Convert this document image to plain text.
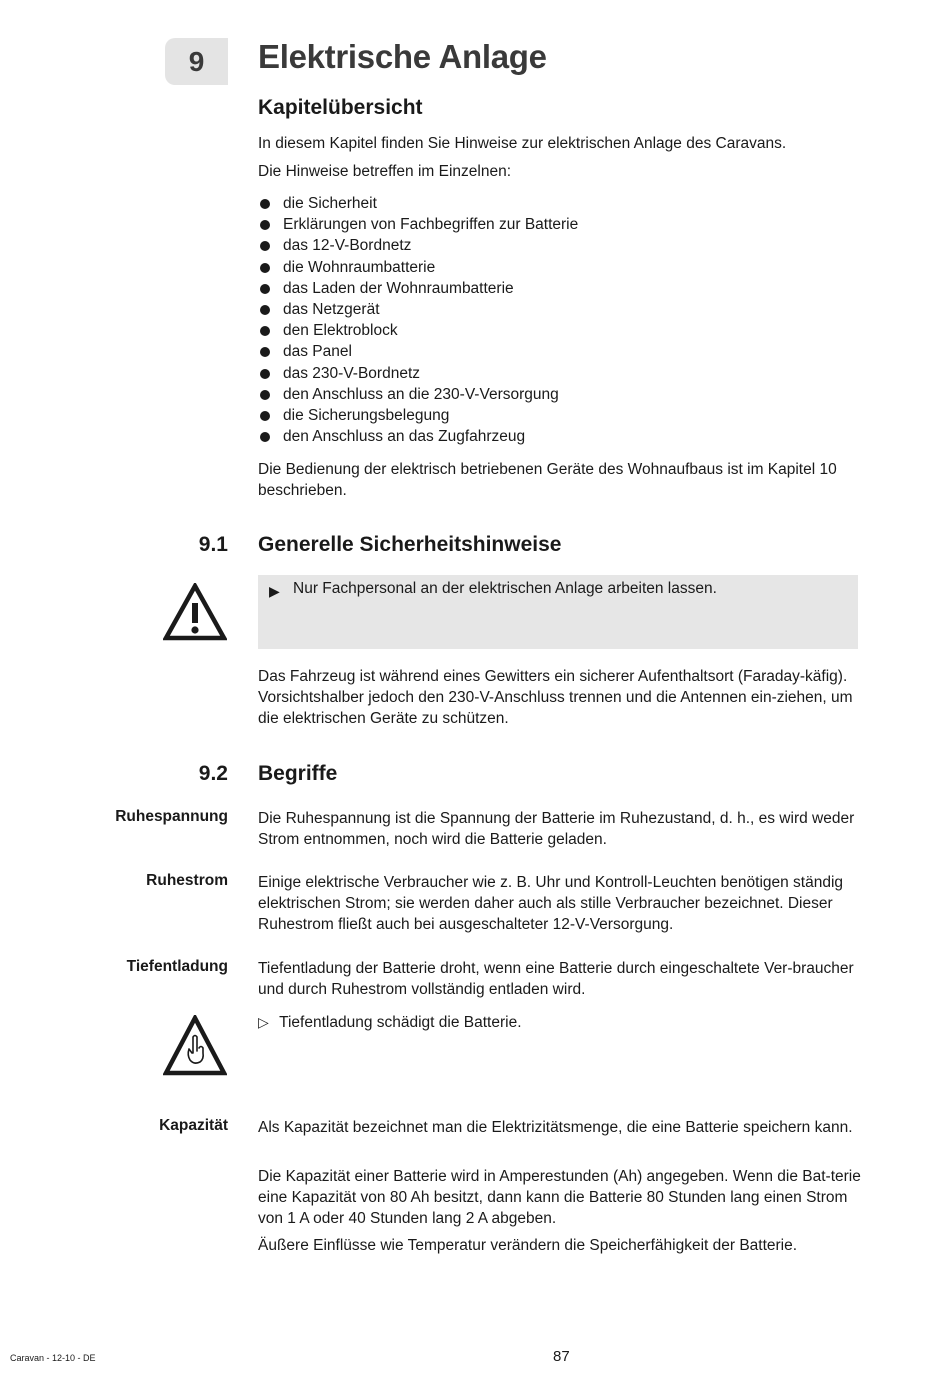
9	Elektrische Anlage
Kapitelübersicht
In diesem Kapitel finden Sie Hinweise zur elektrischen Anlage des Caravans.
Die Hinweise betreffen im Einzelnen:
die Sicherheit
Erklärungen von Fachbegriffen zur Batterie
das 12-V-Bordnetz
die Wohnraumbatterie
das Laden der Wohnraumbatterie
das Netzgerät
den Elektroblock
das Panel
das 230-V-Bordnetz
den Anschluss an die 230-V-Versorgung
die Sicherungsbelegung
den Anschluss an das Zugfahrzeug
Die Bedienung der elektrisch betriebenen Geräte des Wohnaufbaus ist im Kapitel 10 beschrieben.
9.1 Generelle Sicherheitshinweise
▶ Nur Fachpersonal an der elektrischen Anlage arbeiten lassen.
Das Fahrzeug ist während eines Gewitters ein sicherer Aufenthaltsort (Faraday-käfig). Vorsichtshalber jedoch den 230-V-Anschluss trennen und die Antennen ein-ziehen, um die elektrischen Geräte zu schützen.
9.2 Begriffe
Ruhespannung Die Ruhespannung ist die Spannung der Batterie im Ruhezustand, d. h., es wird weder Strom entnommen, noch wird die Batterie geladen.
Ruhestrom Einige elektrische Verbraucher wie z. B. Uhr und Kontroll-Leuchten benötigen ständig elektrischen Strom; sie werden daher auch als stille Verbraucher bezeichnet. Dieser Ruhestrom fließt auch bei ausgeschalteter 12-V-Versorgung.
Tiefentladung Tiefentladung der Batterie droht, wenn eine Batterie durch eingeschaltete Ver-braucher und durch Ruhestrom vollständig entladen wird.
▷ Tiefentladung schädigt die Batterie.
Kapazität Als Kapazität bezeichnet man die Elektrizitätsmenge, die eine Batterie speichern kann.
Die Kapazität einer Batterie wird in Amperestunden (Ah) angegeben. Wenn die Bat-terie eine Kapazität von 80 Ah besitzt, dann kann die Batterie 80 Stunden lang einen Strom von 1 A oder 40 Stunden lang 2 A abgeben.
Äußere Einflüsse wie Temperatur verändern die Speicherfähigkeit der Batterie.
Caravan - 12-10 - DE	87
